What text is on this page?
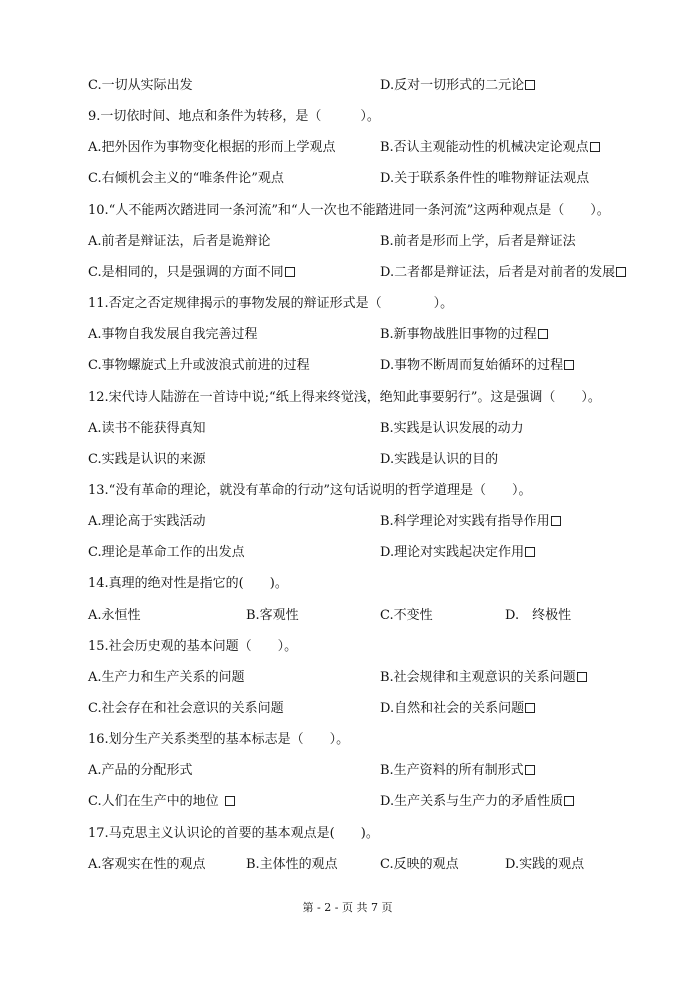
C.一切从实际出发	D.反对一切形式的二元论
9.一切依时间、地点和条件为转移，是（　　　）。
A.把外因作为事物变化根据的形而上学观点	B.否认主观能动性的机械决定论观点
C.右倾机会主义的“唯条件论”观点	D.关于联系条件性的唯物辩证法观点
10.“人不能两次踏进同一条河流”和“人一次也不能踏进同一条河流”这两种观点是（　　）。
A.前者是辩证法，后者是诡辩论	B.前者是形而上学，后者是辩证法
C.是相同的，只是强调的方面不同	D.二者都是辩证法，后者是对前者的发展
11.否定之否定规律揭示的事物发展的辩证形式是（　　　　）。
A.事物自我发展自我完善过程	B.新事物战胜旧事物的过程
C.事物螺旋式上升或波浪式前进的过程	D.事物不断周而复始循环的过程
12.宋代诗人陆游在一首诗中说;“纸上得来终觉浅，绝知此事要躬行”。这是强调（　　）。
A.读书不能获得真知	B.实践是认识发展的动力
C.实践是认识的来源	D.实践是认识的目的
13.“没有革命的理论，就没有革命的行动”这句话说明的哲学道理是（　　）。
A.理论高于实践活动	B.科学理论对实践有指导作用
C.理论是革命工作的出发点	D.理论对实践起决定作用
14.真理的绝对性是指它的(　　)。
A.永恒性	B.客观性	C.不变性	D.　终极性
15.社会历史观的基本问题（　　）。
A.生产力和生产关系的问题	B.社会规律和主观意识的关系问题
C.社会存在和社会意识的关系问题	D.自然和社会的关系问题
16.划分生产关系类型的基本标志是（　　）。
A.产品的分配形式	B.生产资料的所有制形式
C.人们在生产中的地位	D.生产关系与生产力的矛盾性质
17.马克思主义认识论的首要的基本观点是(　　)。
A.客观实在性的观点	B.主体性的观点	C.反映的观点	D.实践的观点
第 - 2 - 页 共 7 页
